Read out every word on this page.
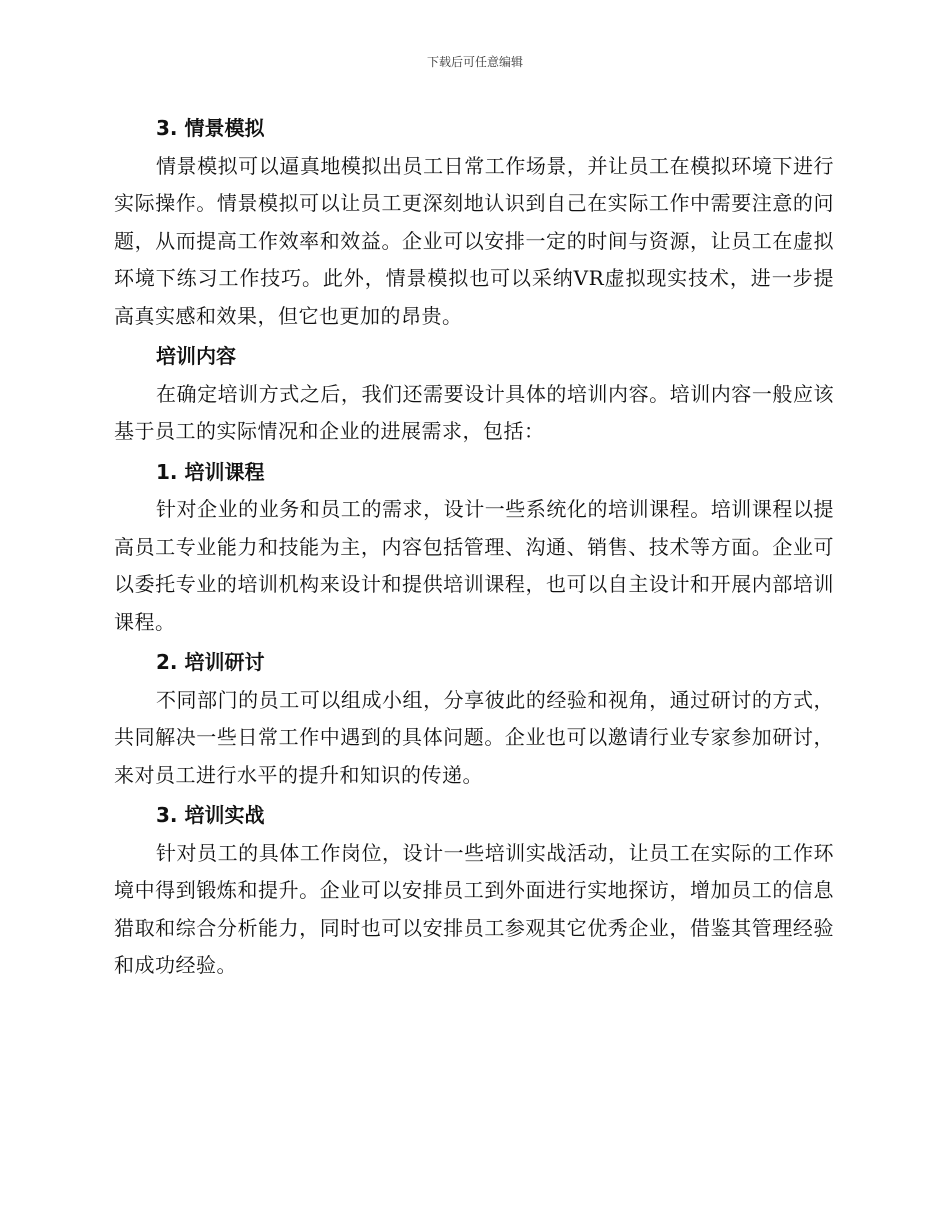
下载后可任意编辑
3. 情景模拟

情景模拟可以逼真地模拟出员工日常工作场景，并让员工在模拟环境下进行实际操作。情景模拟可以让员工更深刻地认识到自己在实际工作中需要注意的问题，从而提高工作效率和效益。企业可以安排一定的时间与资源，让员工在虚拟环境下练习工作技巧。此外，情景模拟也可以采纳VR虚拟现实技术，进一步提高真实感和效果，但它也更加的昂贵。

培训内容

在确定培训方式之后，我们还需要设计具体的培训内容。培训内容一般应该基于员工的实际情况和企业的进展需求，包括：

1. 培训课程

针对企业的业务和员工的需求，设计一些系统化的培训课程。培训课程以提高员工专业能力和技能为主，内容包括管理、沟通、销售、技术等方面。企业可以委托专业的培训机构来设计和提供培训课程，也可以自主设计和开展内部培训课程。

2. 培训研讨

不同部门的员工可以组成小组，分享彼此的经验和视角，通过研讨的方式，共同解决一些日常工作中遇到的具体问题。企业也可以邀请行业专家参加研讨，来对员工进行水平的提升和知识的传递。

3. 培训实战

针对员工的具体工作岗位，设计一些培训实战活动，让员工在实际的工作环境中得到锻炼和提升。企业可以安排员工到外面进行实地探访，增加员工的信息猎取和综合分析能力，同时也可以安排员工参观其它优秀企业，借鉴其管理经验和成功经验。
